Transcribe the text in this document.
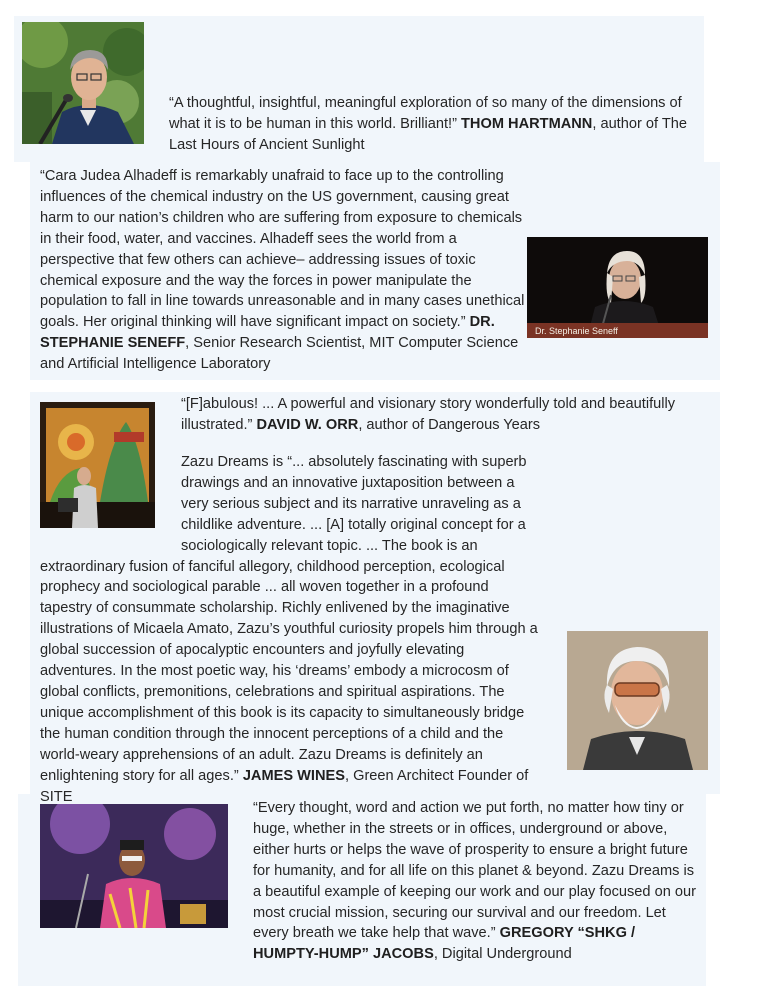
“A thoughtful, insightful, meaningful exploration of so many of the dimensions of what it is to be human in this world. Brilliant!” THOM HARTMANN, author of The Last Hours of Ancient Sunlight
Dr. Stephanie Seneff
“Cara Judea Alhadeff is remarkably unafraid to face up to the controlling influences of the chemical industry on the US government, causing great harm to our nation’s children who are suffering from exposure to chemicals in their food, water, and vaccines. Alhadeff sees the world from a perspective that few others can achieve– addressing issues of toxic chemical exposure and the way the forces in power manipulate the population to fall in line towards unreasonable and in many cases unethical goals. Her original thinking will have significant impact on society.” DR. STEPHANIE SENEFF, Senior Research Scientist, MIT Computer Science and Artificial Intelligence Laboratory
“[F]abulous! ... A powerful and visionary story wonderfully told and beautifully illustrated.” DAVID W. ORR, author of Dangerous Years
Zazu Dreams is “... absolutely fascinating with superb drawings and an innovative juxtaposition between a very serious subject and its narrative unraveling as a childlike adventure. ... [A] totally original concept for a sociologically relevant topic. ... The book is an extraordinary fusion of fanciful allegory, childhood perception, ecological prophecy and sociological parable ... all woven together in a profound tapestry of consummate scholarship. Richly enlivened by the imaginative illustrations of Micaela Amato, Zazu’s youthful curiosity propels him through a global succession of apocalyptic encounters and joyfully elevating adventures. In the most poetic way, his ‘dreams’ embody a microcosm of global conflicts, premonitions, celebrations and spiritual aspirations. The unique accomplishment of this book is its capacity to simultaneously bridge the human condition through the innocent perceptions of a child and the world-weary apprehensions of an adult. Zazu Dreams is definitely an enlightening story for all ages.” JAMES WINES, Green Architect Founder of SITE
“Every thought, word and action we put forth, no matter how tiny or huge, whether in the streets or in offices, underground or above, either hurts or helps the wave of prosperity to ensure a bright future for humanity, and for all life on this planet & beyond. Zazu Dreams is a beautiful example of keeping our work and our play focused on our most crucial mission, securing our survival and our freedom. Let every breath we take help that wave.” GREGORY “SHKG / HUMPTY-HUMP” JACOBS, Digital Underground
